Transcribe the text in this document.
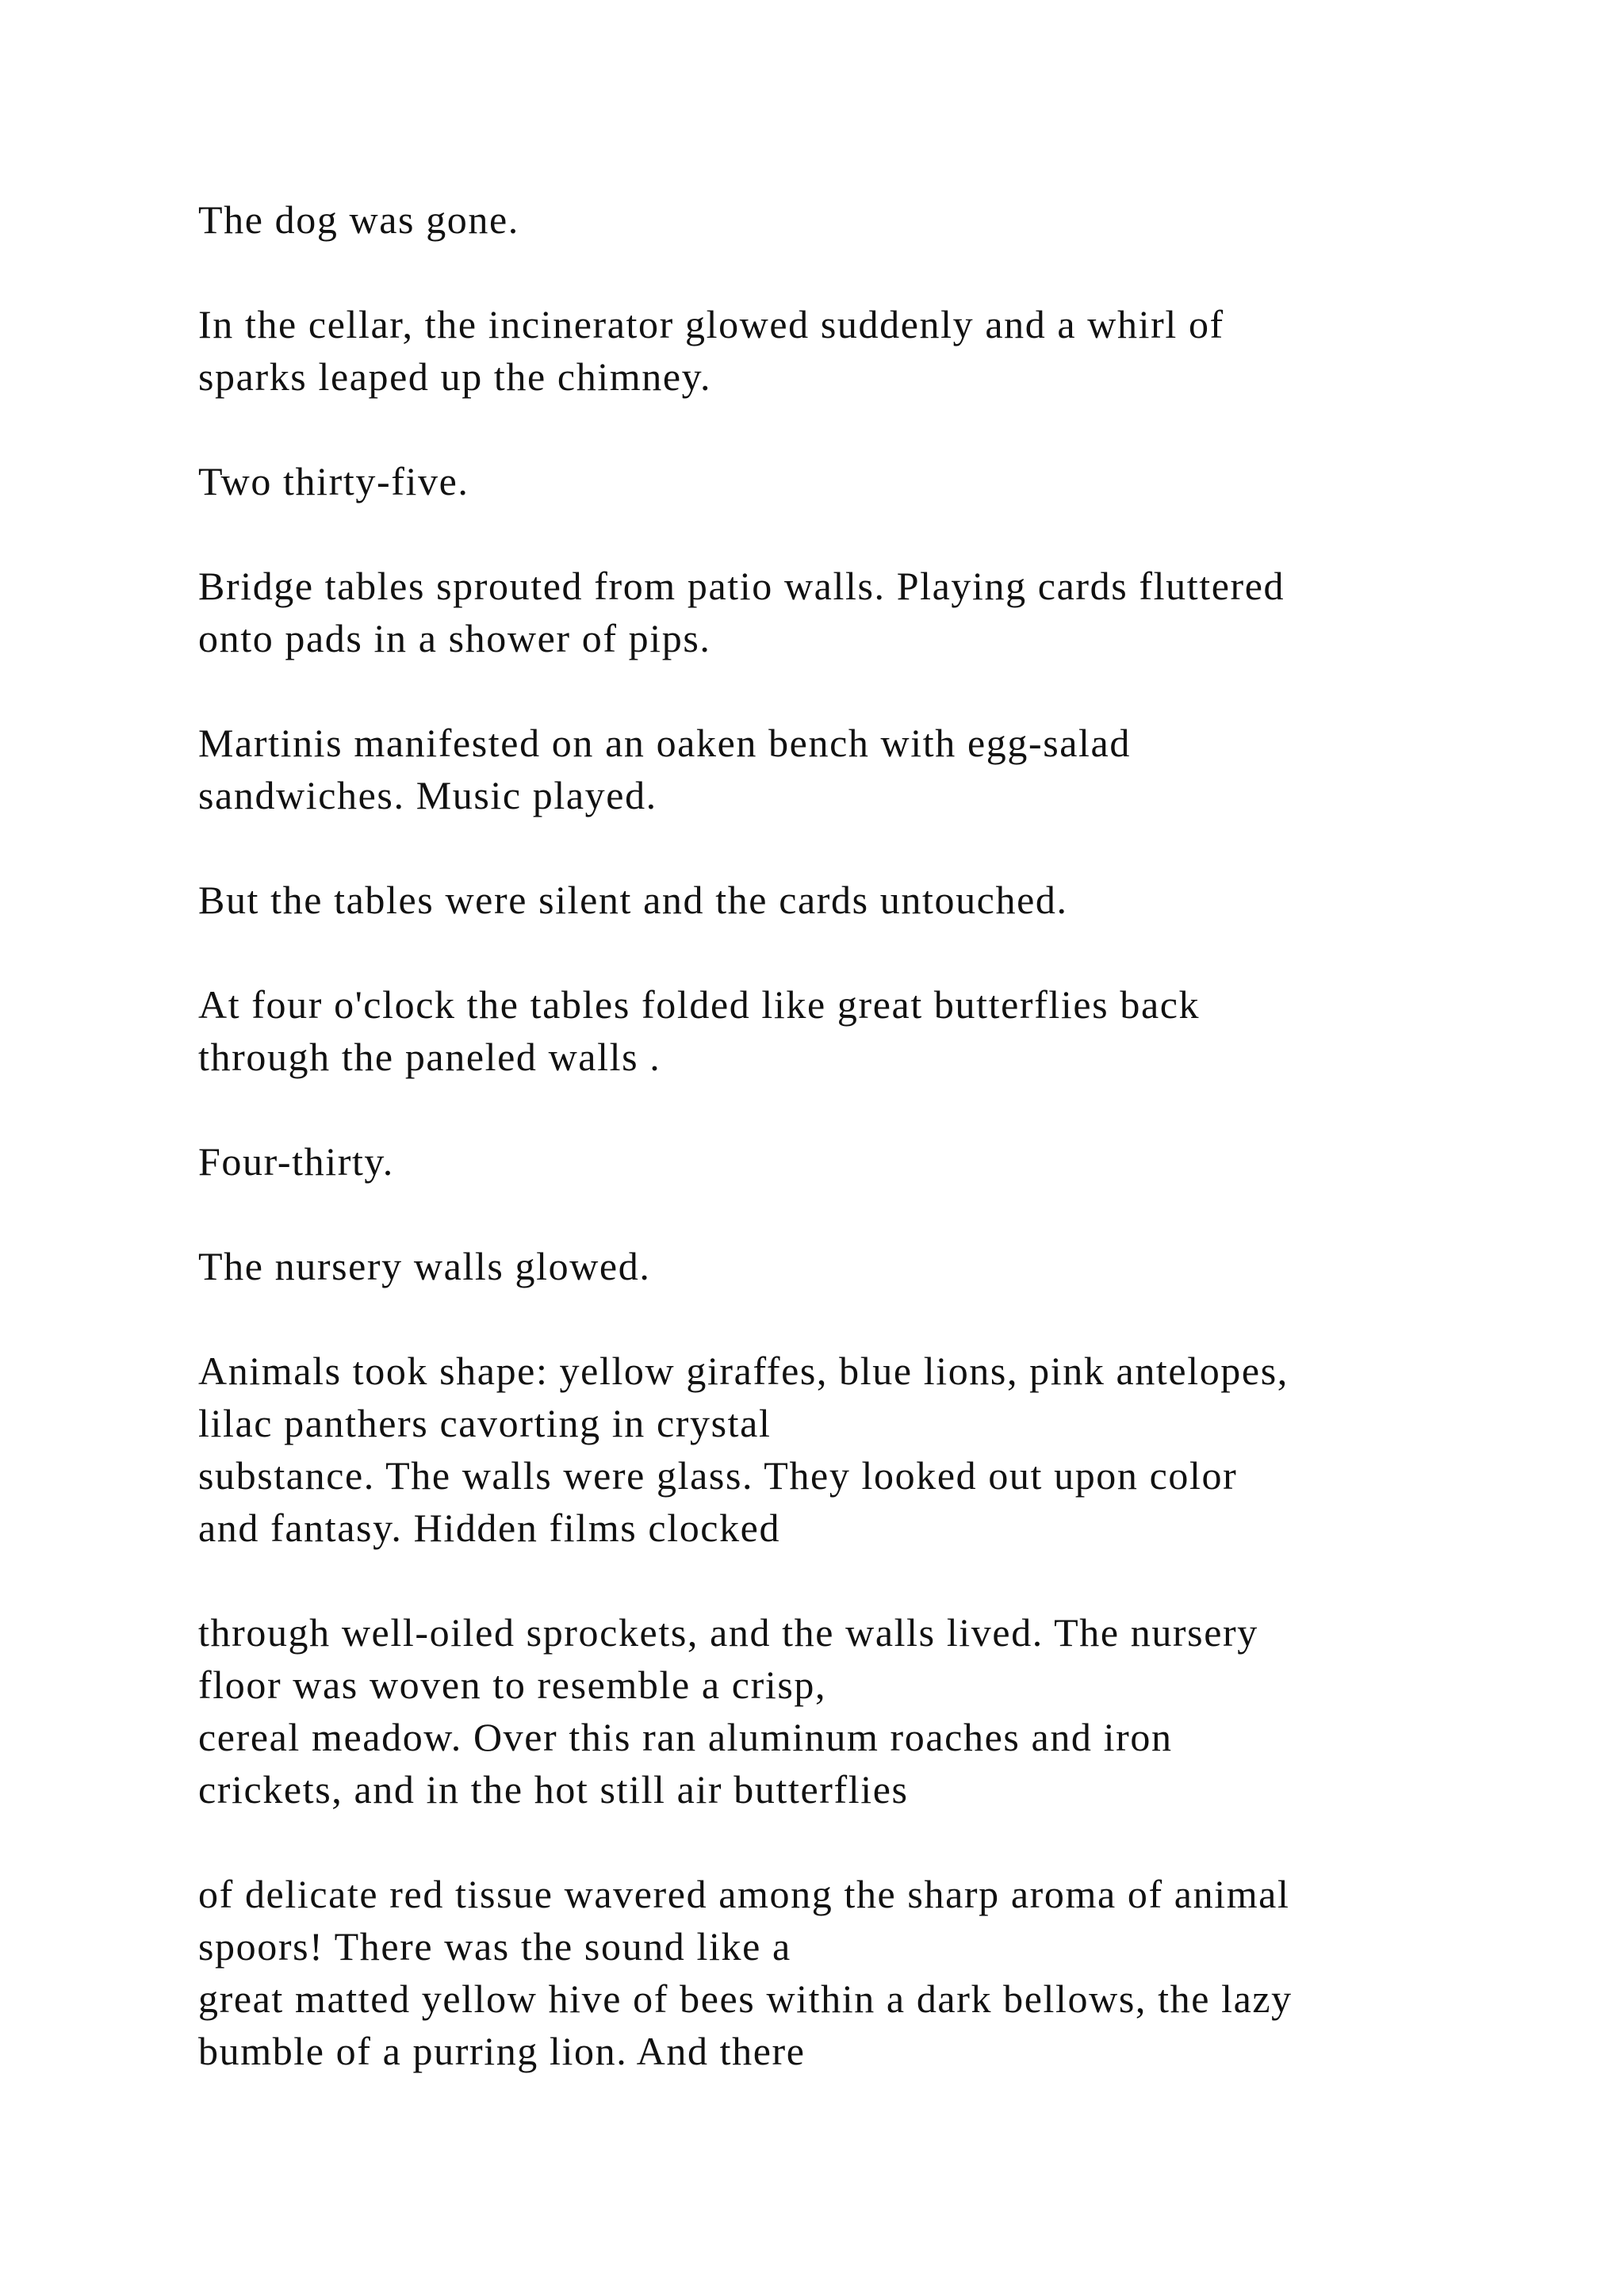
The dog was gone.

In the cellar, the incinerator glowed suddenly and a whirl of
sparks leaped up the chimney.

Two thirty-five.

Bridge tables sprouted from patio walls. Playing cards fluttered
onto pads in a shower of pips.

Martinis manifested on an oaken bench with egg-salad
sandwiches. Music played.

But the tables were silent and the cards untouched.

At four o'clock the tables folded like great butterflies back
through the paneled walls .

Four-thirty.

The nursery walls glowed.

Animals took shape: yellow giraffes, blue lions, pink antelopes,
lilac panthers cavorting in crystal

substance. The walls were glass. They looked out upon color
and fantasy. Hidden films clocked

through well-oiled sprockets, and the walls lived. The nursery
floor was woven to resemble a crisp,

cereal meadow. Over this ran aluminum roaches and iron
crickets, and in the hot still air butterflies

of delicate red tissue wavered among the sharp aroma of animal
spoors! There was the sound like a

great matted yellow hive of bees within a dark bellows, the lazy
bumble of a purring lion. And there
